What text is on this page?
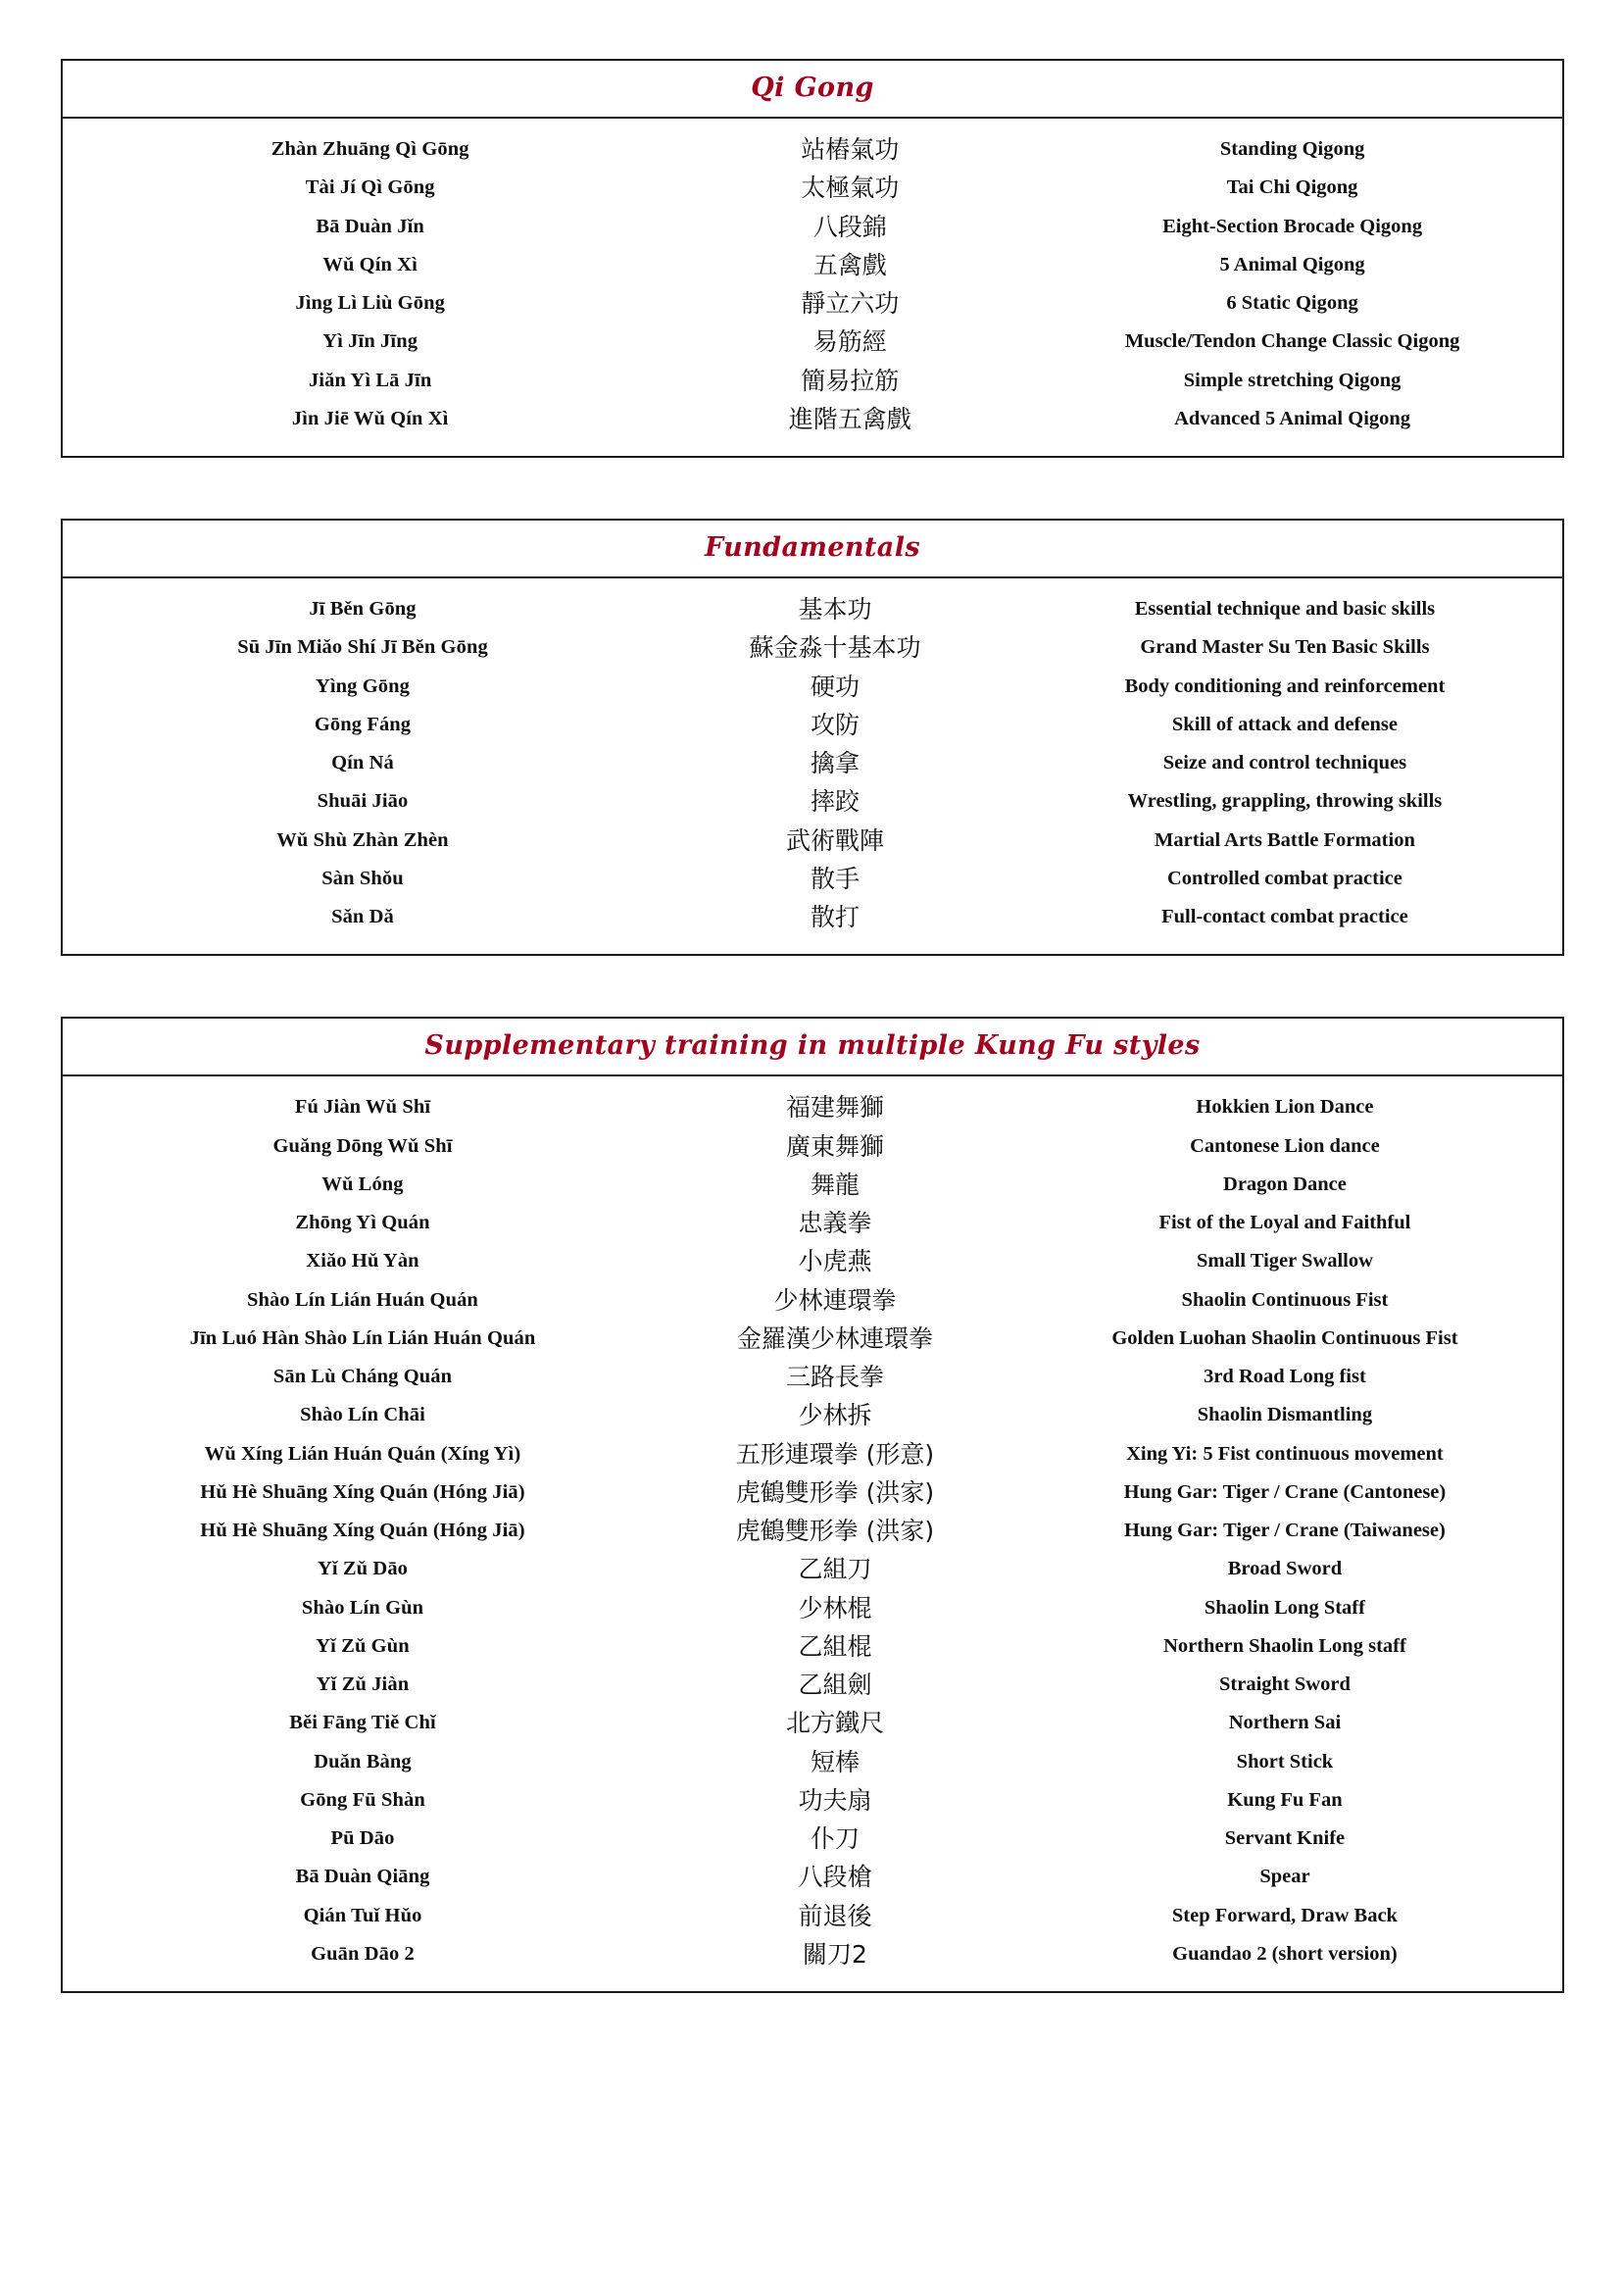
Qi Gong
Zhàn Zhuāng Qì Gōng	站樁氣功	Standing Qigong
Tài Jí Qì Gōng	太極氣功	Tai Chi Qigong
Bā Duàn Jǐn	八段錦	Eight-Section Brocade Qigong
Wǔ Qín Xì	五禽戲	5 Animal Qigong
Jìng Lì Liù Gōng	靜立六功	6 Static Qigong
Yì Jīn Jīng	易筋經	Muscle/Tendon Change Classic Qigong
Jiǎn Yì Lā Jīn	簡易拉筋	Simple stretching Qigong
Jìn Jiē Wǔ Qín Xì	進階五禽戲	Advanced 5 Animal Qigong
Fundamentals
Jī Běn Gōng	基本功	Essential technique and basic skills
Sū Jīn Miǎo Shí Jī Běn Gōng	蘇金淼十基本功	Grand Master Su Ten Basic Skills
Yìng Gōng	硬功	Body conditioning and reinforcement
Gōng Fáng	攻防	Skill of attack and defense
Qín Ná	擒拿	Seize and control techniques
Shuāi Jiāo	摔跤	Wrestling, grappling, throwing skills
Wǔ Shù Zhàn Zhèn	武術戰陣	Martial Arts Battle Formation
Sàn Shǒu	散手	Controlled combat practice
Sǎn Dǎ	散打	Full-contact combat practice
Supplementary training in multiple Kung Fu styles
Fú Jiàn Wǔ Shī	福建舞獅	Hokkien Lion Dance
Guǎng Dōng Wǔ Shī	廣東舞獅	Cantonese Lion dance
Wǔ Lóng	舞龍	Dragon Dance
Zhōng Yì Quán	忠義拳	Fist of the Loyal and Faithful
Xiǎo Hǔ Yàn	小虎燕	Small Tiger Swallow
Shào Lín Lián Huán Quán	少林連環拳	Shaolin Continuous Fist
Jīn Luó Hàn Shào Lín Lián Huán Quán	金羅漢少林連環拳	Golden Luohan Shaolin Continuous Fist
Sān Lù Cháng Quán	三路長拳	3rd Road Long fist
Shào Lín Chāi	少林拆	Shaolin Dismantling
Wǔ Xíng Lián Huán Quán (Xíng Yì)	五形連環拳 (形意)	Xing Yi: 5 Fist continuous movement
Hǔ Hè Shuāng Xíng Quán (Hóng Jiā)	虎鶴雙形拳 (洪家)	Hung Gar: Tiger / Crane (Cantonese)
Hǔ Hè Shuāng Xíng Quán (Hóng Jiā)	虎鶴雙形拳 (洪家)	Hung Gar: Tiger / Crane (Taiwanese)
Yǐ Zǔ Dāo	乙組刀	Broad Sword
Shào Lín Gùn	少林棍	Shaolin Long Staff
Yǐ Zǔ Gùn	乙組棍	Northern Shaolin Long staff
Yǐ Zǔ Jiàn	乙組劍	Straight Sword
Běi Fāng Tiě Chǐ	北方鐵尺	Northern Sai
Duǎn Bàng	短棒	Short Stick
Gōng Fū Shàn	功夫扇	Kung Fu Fan
Pū Dāo	仆刀	Servant Knife
Bā Duàn Qiāng	八段槍	Spear
Qián Tuǐ Hǔo	前退後	Step Forward, Draw Back
Guān Dāo 2	關刀2	Guandao 2 (short version)
